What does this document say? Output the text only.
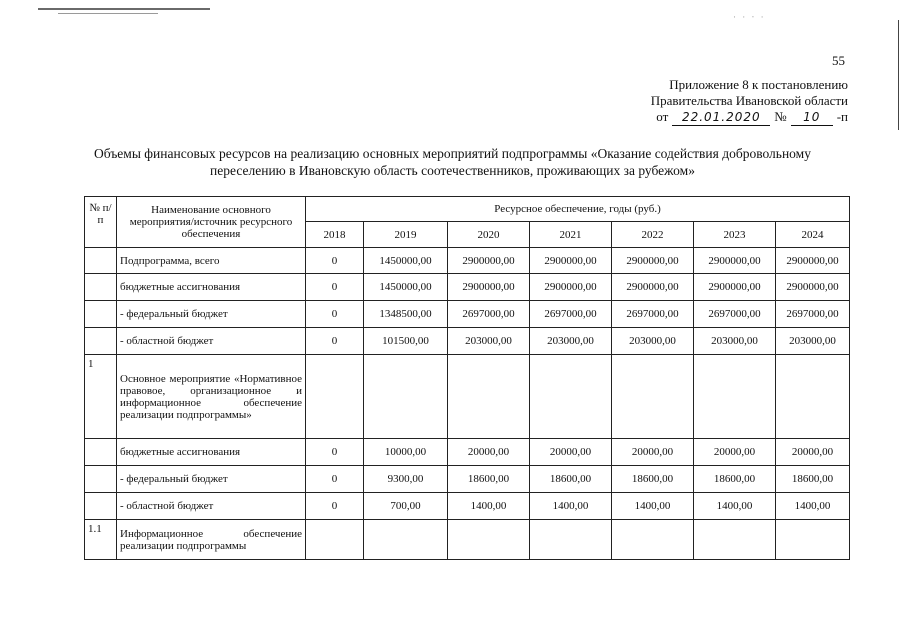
· · ‧ ·
55
Приложение 8 к постановлению
Правительства Ивановской области
от	22.01.2020	№	10	-п
Объемы финансовых ресурсов на реализацию основных мероприятий подпрограммы «Оказание содействия добровольному переселению в Ивановскую область соотечественников, проживающих за рубежом»
№ п/п	Наименование основного мероприятия/источник ресурсного обеспечения	Ресурсное обеспечение, годы (руб.)						
		2018	2019	2020	2021	2022	2023	2024
	Подпрограмма, всего	0	1450000,00	2900000,00	2900000,00	2900000,00	2900000,00	2900000,00
	бюджетные ассигнования	0	1450000,00	2900000,00	2900000,00	2900000,00	2900000,00	2900000,00
	- федеральный бюджет	0	1348500,00	2697000,00	2697000,00	2697000,00	2697000,00	2697000,00
	- областной бюджет	0	101500,00	203000,00	203000,00	203000,00	203000,00	203000,00
1	Основное мероприятие «Нормативное правовое, организационное и информационное обеспечение реализации подпрограммы»							
	бюджетные ассигнования	0	10000,00	20000,00	20000,00	20000,00	20000,00	20000,00
	- федеральный бюджет	0	9300,00	18600,00	18600,00	18600,00	18600,00	18600,00
	- областной бюджет	0	700,00	1400,00	1400,00	1400,00	1400,00	1400,00
1.1	Информационное обеспечение реализации подпрограммы							
